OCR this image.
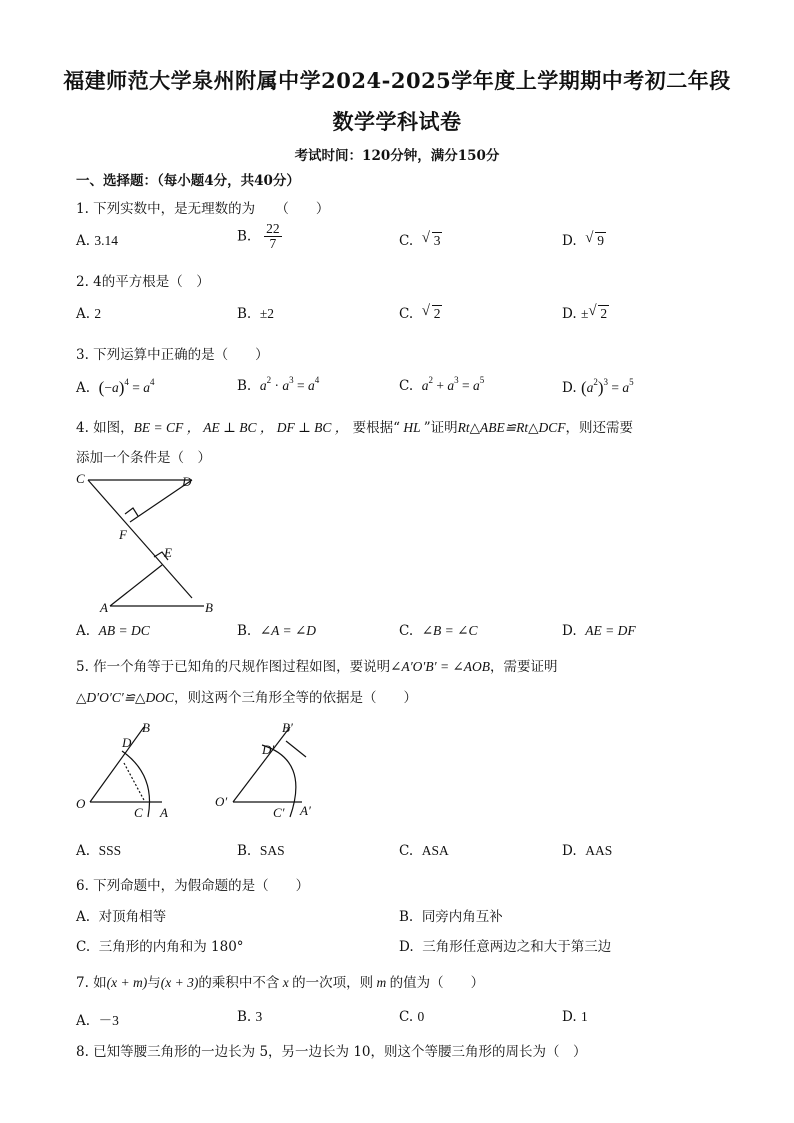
福建师范大学泉州附属中学2024-2025学年度上学期期中考初二年段
数学学科试卷
考试时间：120分钟，满分150分
一、选择题：（每小题4分，共40分）
1. 下列实数中，是无理数的为　　（　　）
A. 3.14	B. $\frac{22}{7}$	C. √ 3	D. √ 9
2. 4的平方根是（　）
A. 2	B. ±2	C. √ 2	D. ± √ 2
3. 下列运算中正确的是（　　）
A. $(-a)^4 = a^4$	B. $a^2 \cdot a^3 = a^4$	C. $a^2 + a^3 = a^5$	D. $(a^2)^3 = a^5$
4. 如图，BE = CF ， AE ⊥ BC ， DF ⊥ BC ， 要根据“ HL ”证明Rt△ABE≌Rt△DCF，则还需要
添加一个条件是（　）
C	D
F
E
A	B
A. AB = DC	B. ∠A = ∠D	C. ∠B = ∠C	D. AE = DF
5. 作一个角等于已知角的尺规作图过程如图，要说明∠A′O′B′ = ∠AOB，需要证明
△D′O′C′≌△DOC，则这两个三角形全等的依据是（　　）
B
D
O
C A
B′
D′
O′
C′ A′
A. SSS	B. SAS	C. ASA	D. AAS
6. 下列命题中，为假命题的是（　　）
A. 对顶角相等	B. 同旁内角互补
C. 三角形的内角和为 180°	D. 三角形任意两边之和大于第三边
7. 如(x + m)与(x + 3)的乘积中不含 x 的一次项，则 m 的值为（　　）
A. －3	B. 3	C. 0	D. 1
8. 已知等腰三角形的一边长为 5，另一边长为 10，则这个等腰三角形的周长为（　）
